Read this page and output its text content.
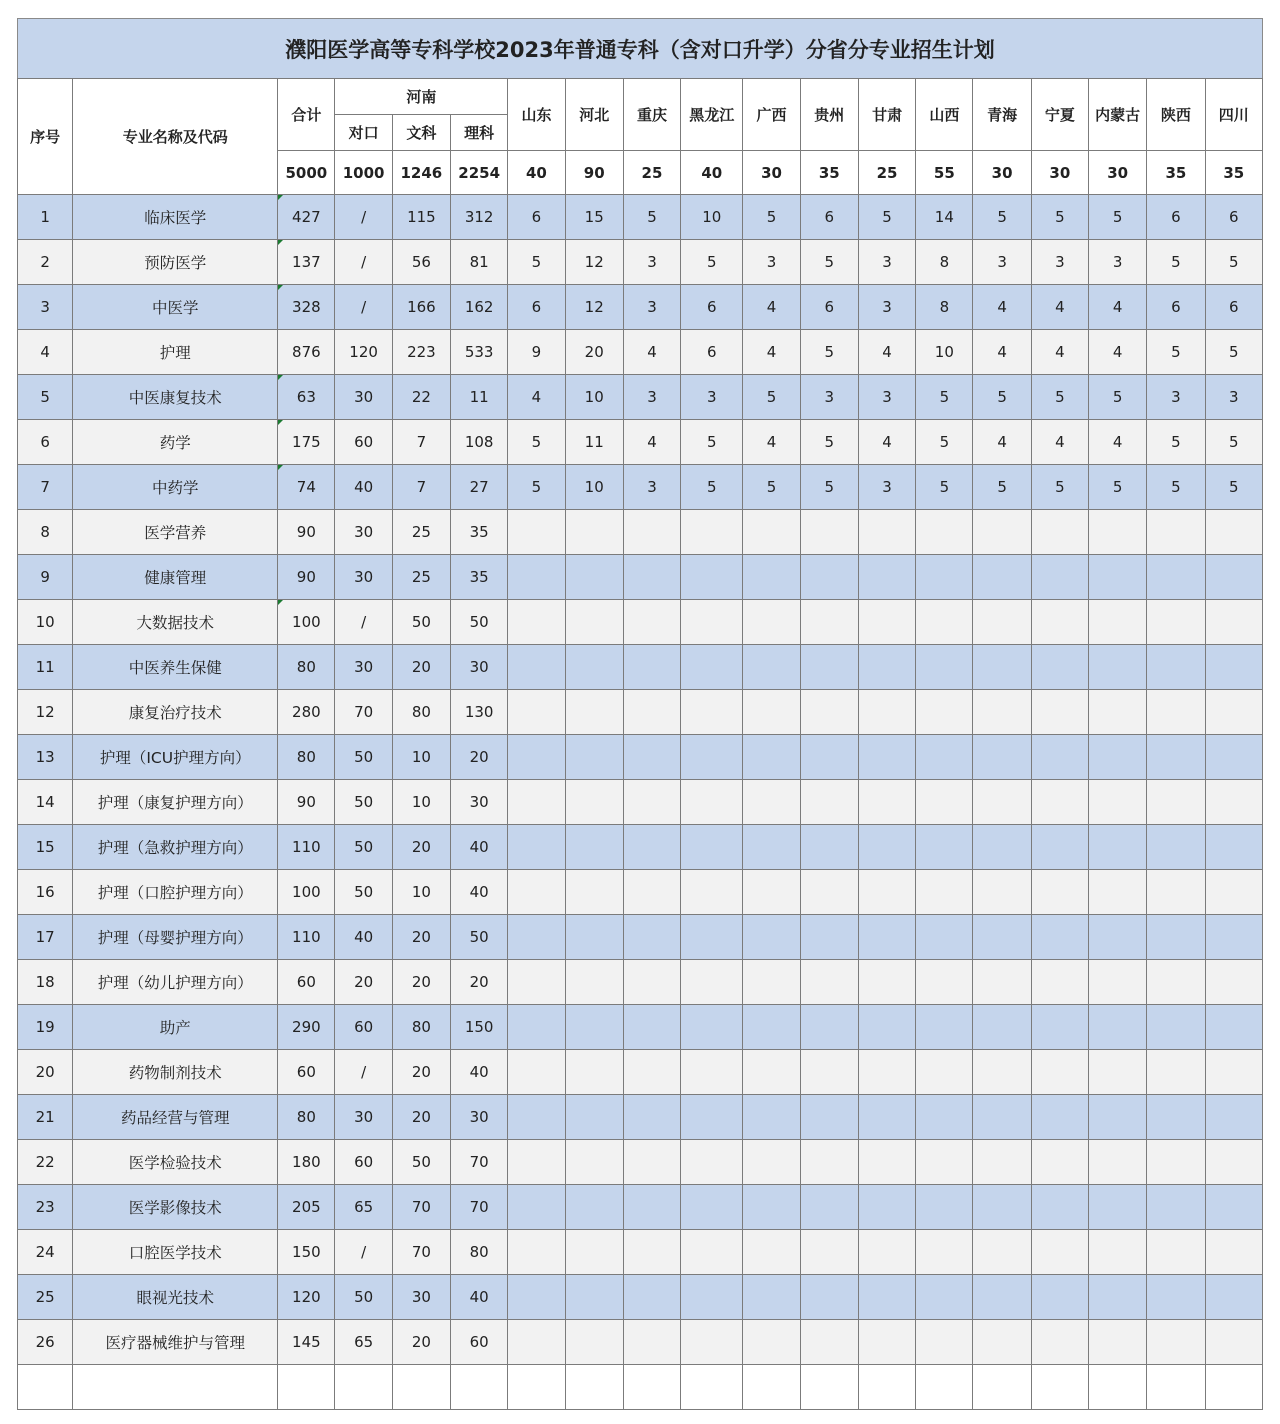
濮阳医学高等专科学校2023年普通专科（含对口升学）分省分专业招生计划
序号	专业名称及代码	合计	河南			山东	河北	重庆	黑龙江	广西	贵州	甘肃	山西	青海	宁夏	内蒙古	陕西	四川
			对口	文科	理科													
		5000	1000	1246	2254	40	90	25	40	30	35	25	55	30	30	30	35	35
1	临床医学	427	/	115	312	6	15	5	10	5	6	5	14	5	5	5	6	6
2	预防医学	137	/	56	81	5	12	3	5	3	5	3	8	3	3	3	5	5
3	中医学	328	/	166	162	6	12	3	6	4	6	3	8	4	4	4	6	6
4	护理	876	120	223	533	9	20	4	6	4	5	4	10	4	4	4	5	5
5	中医康复技术	63	30	22	11	4	10	3	3	5	3	3	5	5	5	5	3	3
6	药学	175	60	7	108	5	11	4	5	4	5	4	5	4	4	4	5	5
7	中药学	74	40	7	27	5	10	3	5	5	5	3	5	5	5	5	5	5
8	医学营养	90	30	25	35													
9	健康管理	90	30	25	35													
10	大数据技术	100	/	50	50													
11	中医养生保健	80	30	20	30													
12	康复治疗技术	280	70	80	130													
13	护理（ICU护理方向）	80	50	10	20													
14	护理（康复护理方向）	90	50	10	30													
15	护理（急救护理方向）	110	50	20	40													
16	护理（口腔护理方向）	100	50	10	40													
17	护理（母婴护理方向）	110	40	20	50													
18	护理（幼儿护理方向）	60	20	20	20													
19	助产	290	60	80	150													
20	药物制剂技术	60	/	20	40													
21	药品经营与管理	80	30	20	30													
22	医学检验技术	180	60	50	70													
23	医学影像技术	205	65	70	70													
24	口腔医学技术	150	/	70	80													
25	眼视光技术	120	50	30	40													
26	医疗器械维护与管理	145	65	20	60													
